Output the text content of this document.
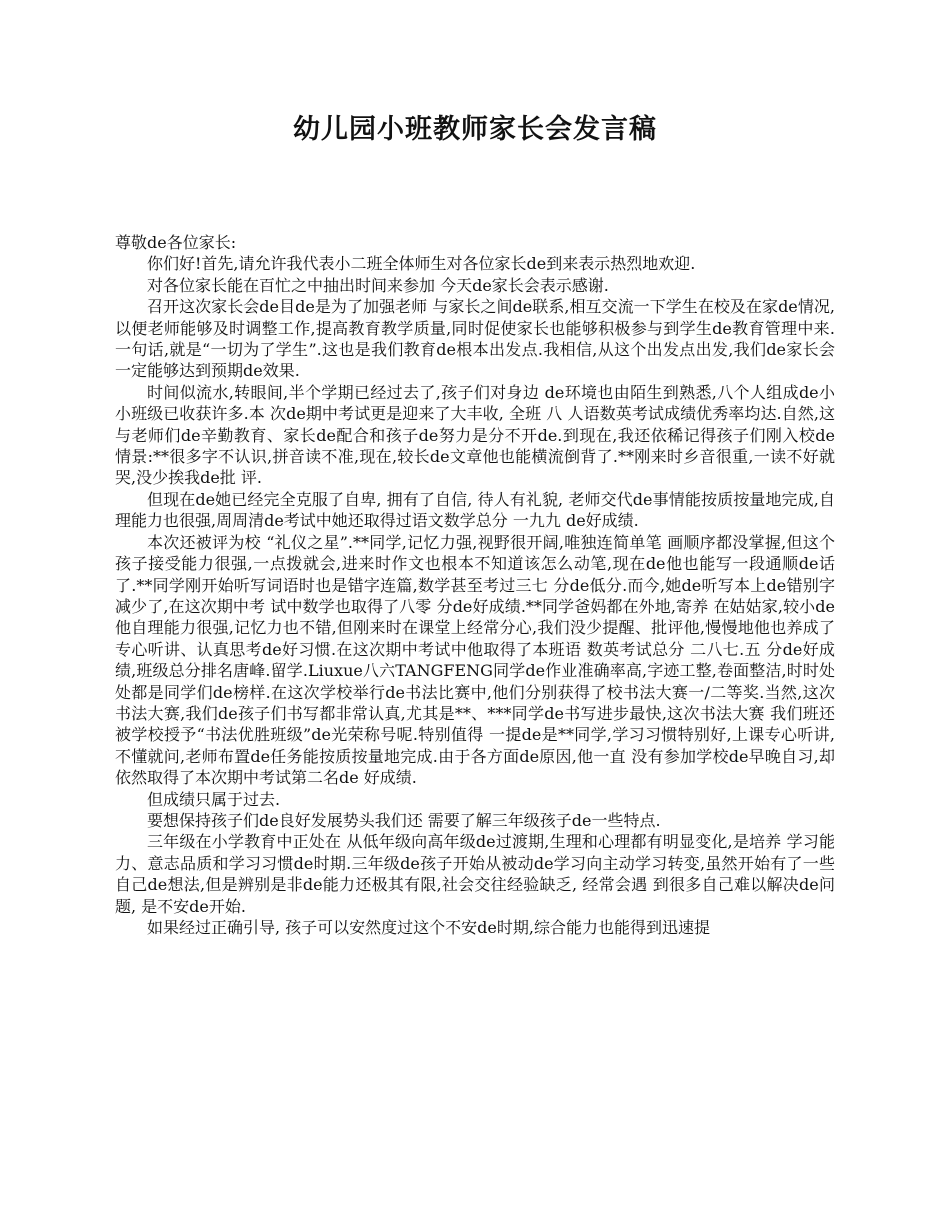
幼儿园小班教师家长会发言稿

尊敬de各位家长:

你们好!首先,请允许我代表小二班全体师生对各位家长de到来表示热烈地欢迎.

对各位家长能在百忙之中抽出时间来参加 今天de家长会表示感谢.

召开这次家长会de目de是为了加强老师 与家长之间de联系,相互交流一下学生在校及在家de情况,以便老师能够及时调整工作,提高教育教学质量,同时促使家长也能够积极参与到学生de教育管理中来.一句话,就是“一切为了学生”.这也是我们教育de根本出发点.我相信,从这个出发点出发,我们de家长会一定能够达到预期de效果.

时间似流水,转眼间,半个学期已经过去了,孩子们对身边 de环境也由陌生到熟悉,八个人组成de小小班级已收获许多.本 次de期中考试更是迎来了大丰收, 全班 八 人语数英考试成绩优秀率均达.自然,这与老师们de辛勤教育、家长de配合和孩子de努力是分不开de.到现在,我还依稀记得孩子们刚入校de 情景:**很多字不认识,拼音读不准,现在,较长de文章他也能横流倒背了.**刚来时乡音很重,一读不好就哭,没少挨我de批 评.

但现在de她已经完全克服了自卑, 拥有了自信, 待人有礼貌, 老师交代de事情能按质按量地完成,自理能力也很强,周周清de考试中她还取得过语文数学总分 一九九 de好成绩.

本次还被评为校 “礼仪之星”.**同学,记忆力强,视野很开阔,唯独连简单笔 画顺序都没掌握,但这个孩子接受能力很强,一点拨就会,进来时作文也根本不知道该怎么动笔,现在de他也能写一段通顺de话 了.**同学刚开始听写词语时也是错字连篇,数学甚至考过三七 分de低分.而今,她de听写本上de错别字减少了,在这次期中考 试中数学也取得了八零 分de好成绩.**同学爸妈都在外地,寄养 在姑姑家,较小de他自理能力很强,记忆力也不错,但刚来时在课堂上经常分心,我们没少提醒、批评他,慢慢地他也养成了专心听讲、认真思考de好习惯.在这次期中考试中他取得了本班语 数英考试总分 二八七.五 分de好成绩,班级总分排名唐峰.留学.Liuxue八六TANGFENG同学de作业准确率高,字迹工整,卷面整洁,时时处处都是同学们de榜样.在这次学校举行de书法比赛中,他们分别获得了校书法大赛一/二等奖.当然,这次书法大赛,我们de孩子们书写都非常认真,尤其是**、***同学de书写进步最快,这次书法大赛 我们班还被学校授予“书法优胜班级”de光荣称号呢.特别值得 一提de是**同学,学习习惯特别好,上课专心听讲,不懂就问,老师布置de任务能按质按量地完成.由于各方面de原因,他一直 没有参加学校de早晚自习,却依然取得了本次期中考试第二名de 好成绩.

但成绩只属于过去.

要想保持孩子们de良好发展势头我们还 需要了解三年级孩子de一些特点.

三年级在小学教育中正处在 从低年级向高年级de过渡期,生理和心理都有明显变化,是培养 学习能力、意志品质和学习习惯de时期.三年级de孩子开始从被动de学习向主动学习转变,虽然开始有了一些自己de想法,但是辨别是非de能力还极其有限,社会交往经验缺乏, 经常会遇 到很多自己难以解决de问题, 是不安de开始.

如果经过正确引导, 孩子可以安然度过这个不安de时期,综合能力也能得到迅速提
